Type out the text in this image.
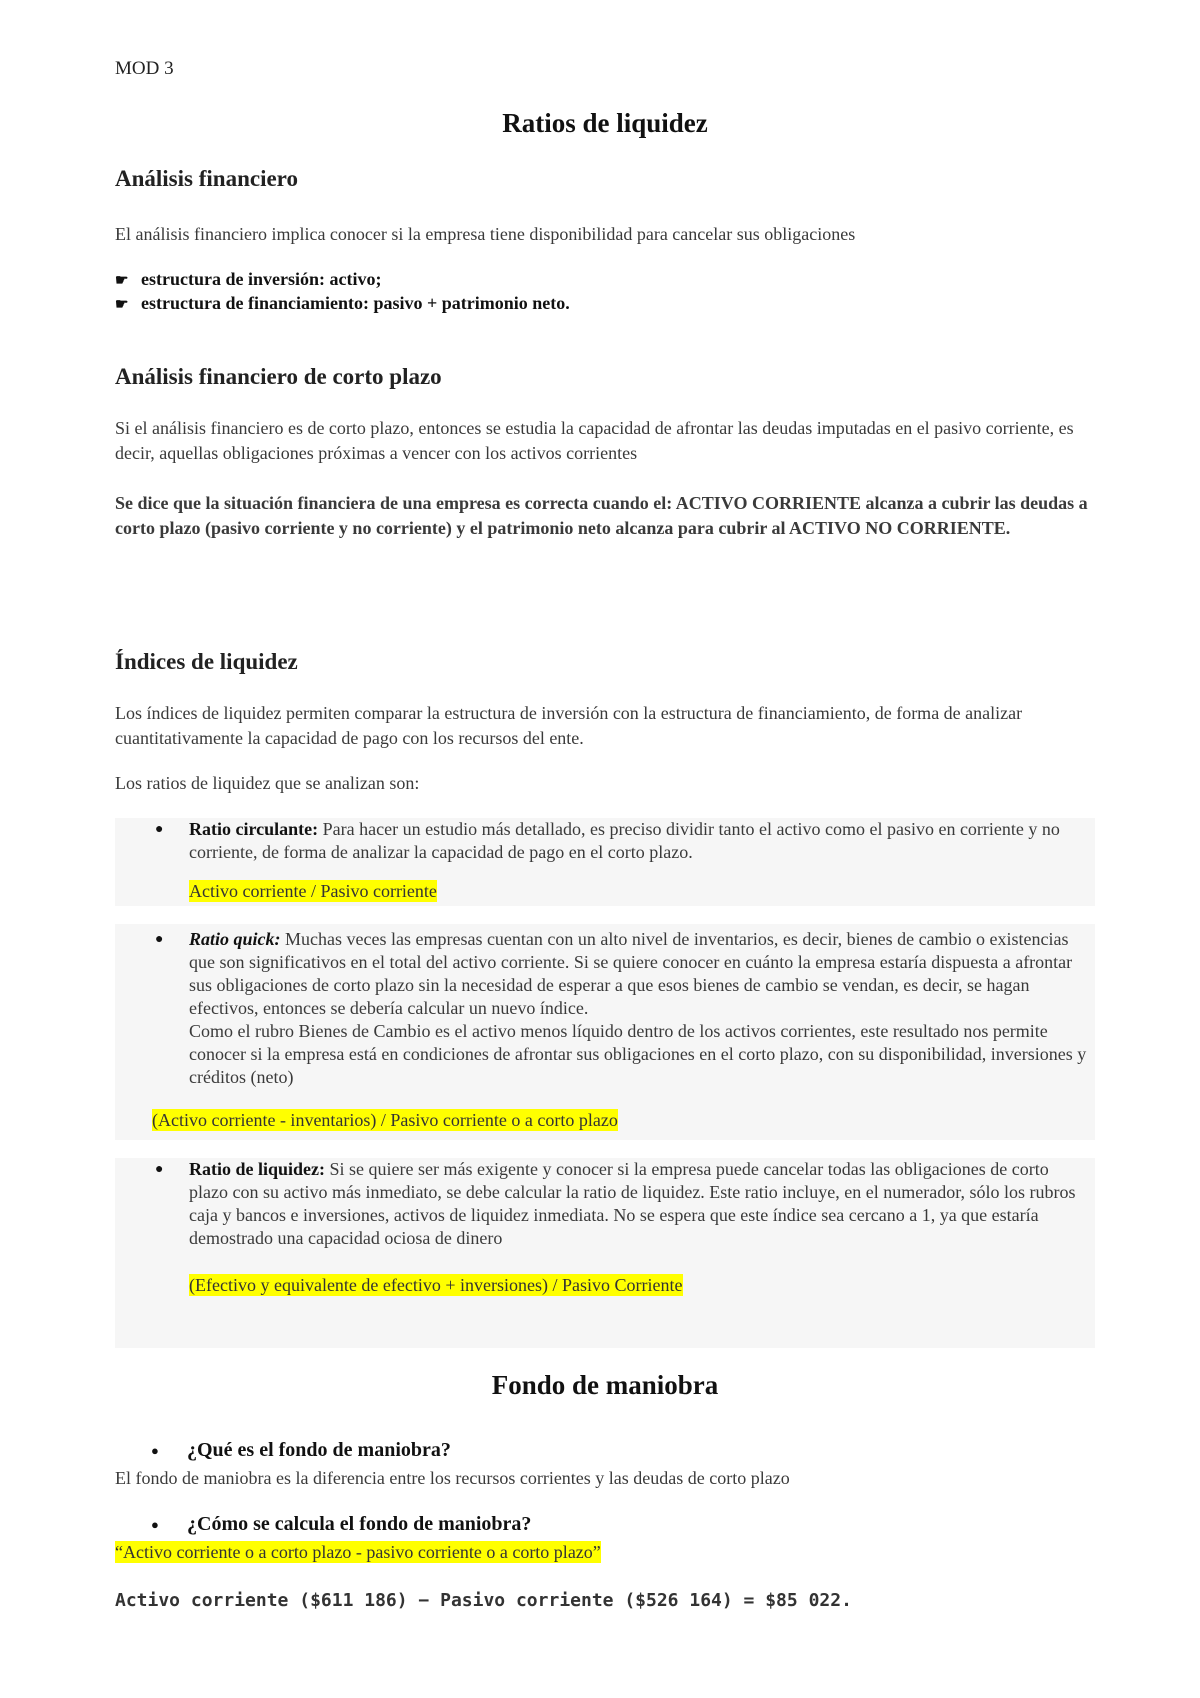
MOD 3
Ratios de liquidez
Análisis financiero

El análisis financiero implica conocer si la empresa tiene disponibilidad para cancelar sus obligaciones

☛ estructura de inversión: activo;
☛ estructura de financiamiento: pasivo + patrimonio neto.
Análisis financiero de corto plazo

Si el análisis financiero es de corto plazo, entonces se estudia la capacidad de afrontar las deudas imputadas en el pasivo corriente, es decir, aquellas obligaciones próximas a vencer con los activos corrientes

Se dice que la situación financiera de una empresa es correcta cuando el: ACTIVO CORRIENTE alcanza a cubrir las deudas a corto plazo (pasivo corriente y no corriente) y el patrimonio neto alcanza para cubrir al ACTIVO NO CORRIENTE.

Índices de liquidez

Los índices de liquidez permiten comparar la estructura de inversión con la estructura de financiamiento, de forma de analizar cuantitativamente la capacidad de pago con los recursos del ente.

Los ratios de liquidez que se analizan son:

● Ratio circulante: Para hacer un estudio más detallado, es preciso dividir tanto el activo como el pasivo en corriente y no corriente, de forma de analizar la capacidad de pago en el corto plazo.
Activo corriente / Pasivo corriente
● Ratio quick: Muchas veces las empresas cuentan con un alto nivel de inventarios, es decir, bienes de cambio o existencias que son significativos en el total del activo corriente. Si se quiere conocer en cuánto la empresa estaría dispuesta a afrontar sus obligaciones de corto plazo sin la necesidad de esperar a que esos bienes de cambio se vendan, es decir, se hagan efectivos, entonces se debería calcular un nuevo índice.
Como el rubro Bienes de Cambio es el activo menos líquido dentro de los activos corrientes, este resultado nos permite conocer si la empresa está en condiciones de afrontar sus obligaciones en el corto plazo, con su disponibilidad, inversiones y créditos (neto)
(Activo corriente - inventarios) / Pasivo corriente o a corto plazo
● Ratio de liquidez: Si se quiere ser más exigente y conocer si la empresa puede cancelar todas las obligaciones de corto plazo con su activo más inmediato, se debe calcular la ratio de liquidez. Este ratio incluye, en el numerador, sólo los rubros caja y bancos e inversiones, activos de liquidez inmediata. No se espera que este índice sea cercano a 1, ya que estaría demostrado una capacidad ociosa de dinero
(Efectivo y equivalente de efectivo + inversiones) / Pasivo Corriente
Fondo de maniobra
● ¿Qué es el fondo de maniobra?

El fondo de maniobra es la diferencia entre los recursos corrientes y las deudas de corto plazo

● ¿Cómo se calcula el fondo de maniobra?

“Activo corriente o a corto plazo - pasivo corriente o a corto plazo”

Activo corriente ($611 186) − Pasivo corriente ($526 164) = $85 022.
